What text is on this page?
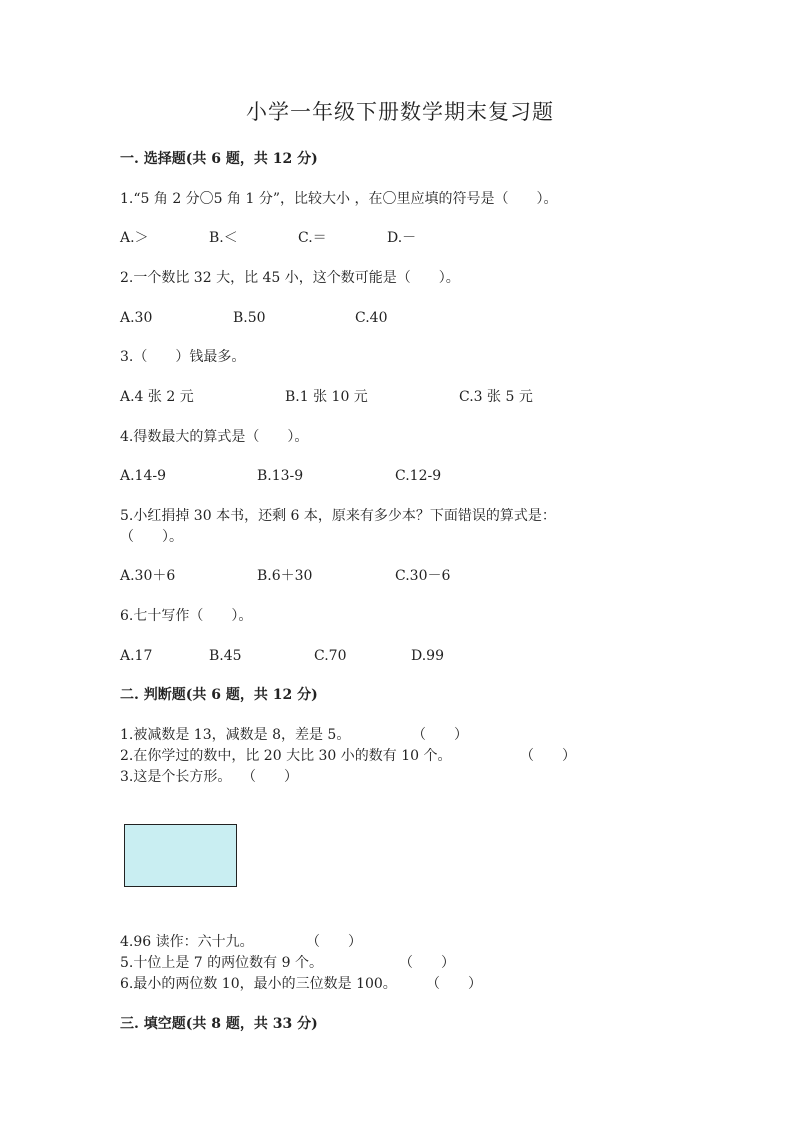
小学一年级下册数学期末复习题
一. 选择题(共 6 题，共 12 分)
1.“5 角 2 分〇5 角 1 分”，比较大小 ，在〇里应填的符号是（　　）。
A.＞	B.＜	C.＝	D.－
2.一个数比 32 大，比 45 小，这个数可能是（　　）。
A.30	B.50	C.40
3.（　　）钱最多。
A.4 张 2 元	B.1 张 10 元	C.3 张 5 元
4.得数最大的算式是（　　）。
A.14-9	B.13-9	C.12-9
5.小红捐掉 30 本书，还剩 6 本，原来有多少本？下面错误的算式是：
（　　）。
A.30＋6	B.6＋30	C.30－6
6.七十写作（　　）。
A.17	B.45	C.70	D.99
二. 判断题(共 6 题，共 12 分)
1.被减数是 13，减数是 8，差是 5。	（　　）
2.在你学过的数中，比 20 大比 30 小的数有 10 个。	（　　）
3.这是个长方形。 （　　）
4.96 读作：六十九。	（　　）
5.十位上是 7 的两位数有 9 个。	（　　）
6.最小的两位数 10，最小的三位数是 100。 （　　）
三. 填空题(共 8 题，共 33 分)
